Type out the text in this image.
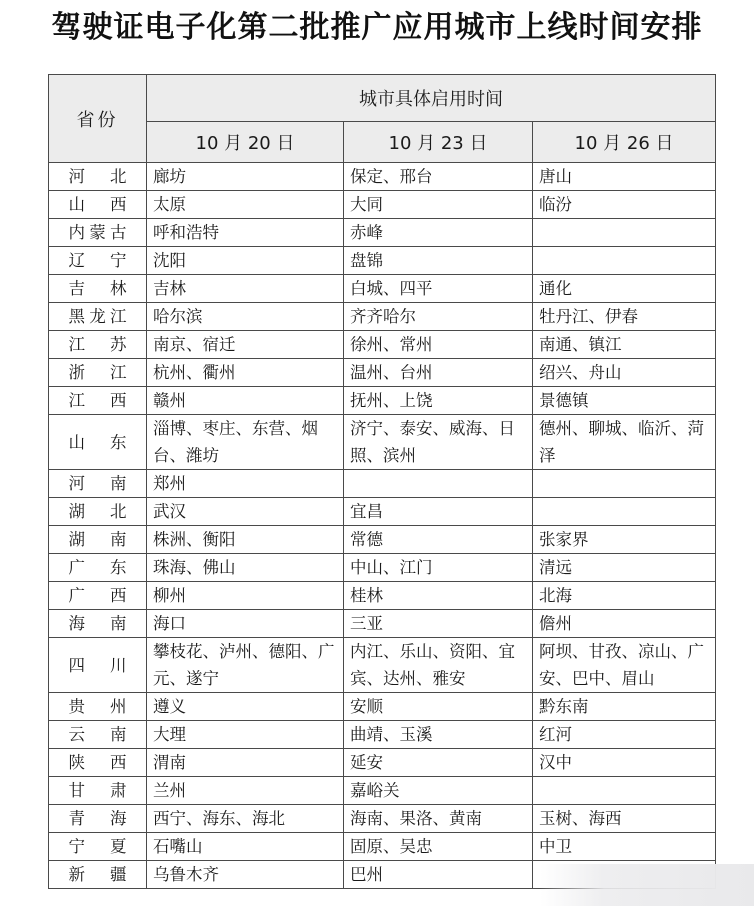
驾驶证电子化第二批推广应用城市上线时间安排
省份	城市具体启用时间		
	10 月 20 日	10 月 23 日	10 月 26 日
河北	廊坊	保定、邢台	唐山

山西	太原	大同	临汾

内蒙古	呼和浩特	赤峰	

辽宁	沈阳	盘锦	

吉林	吉林	白城、四平	通化

黑龙江	哈尔滨	齐齐哈尔	牡丹江、伊春

江苏	南京、宿迁	徐州、常州	南通、镇江

浙江	杭州、衢州	温州、台州	绍兴、舟山

江西	赣州	抚州、上饶	景德镇

山东	淄博、枣庄、东营、烟台、潍坊	济宁、泰安、威海、日照、滨州	德州、聊城、临沂、菏泽

河南	郑州		

湖北	武汉	宜昌	

湖南	株洲、衡阳	常德	张家界

广东	珠海、佛山	中山、江门	清远

广西	柳州	桂林	北海

海南	海口	三亚	儋州

四川	攀枝花、泸州、德阳、广元、遂宁	内江、乐山、资阳、宜宾、达州、雅安	阿坝、甘孜、凉山、广安、巴中、眉山

贵州	遵义	安顺	黔东南

云南	大理	曲靖、玉溪	红河

陕西	渭南	延安	汉中

甘肃	兰州	嘉峪关	

青海	西宁、海东、海北	海南、果洛、黄南	玉树、海西

宁夏	石嘴山	固原、吴忠	中卫

新疆	乌鲁木齐	巴州	
